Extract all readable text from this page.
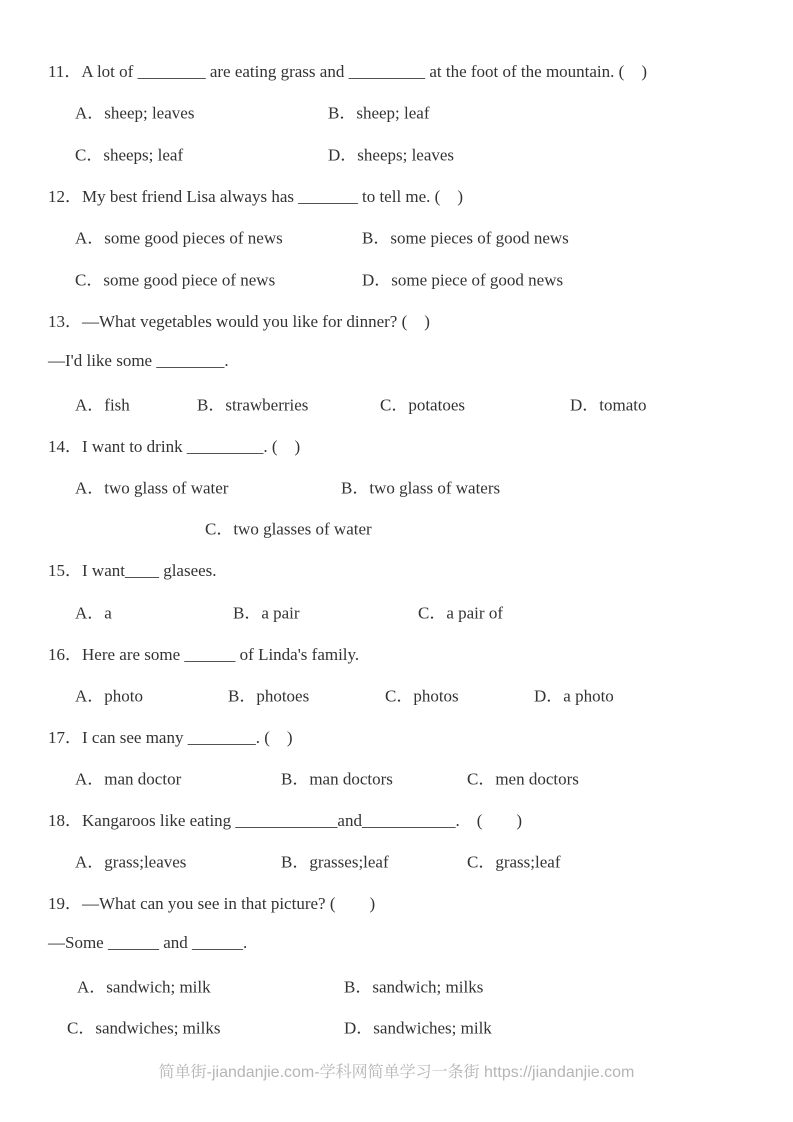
11．A lot of ________ are eating grass and _________ at the foot of the mountain. (　)
A．sheep; leaves	B．sheep; leaf
C．sheeps; leaf	D．sheeps; leaves
12．My best friend Lisa always has _______ to tell me. (　)
A．some good pieces of news	B．some pieces of good news
C．some good piece of news	D．some piece of good news
13．—What vegetables would you like for dinner? (　)
—I'd like some ________.
A．fish	B．strawberries	C．potatoes	D．tomato
14．I want to drink _________. (　)
A．two glass of water	B．two glass of waters
C．two glasses of water
15．I want____ glasees.
A．a	B．a pair	C．a pair of
16．Here are some ______ of Linda's family.
A．photo	B．photoes	C．photos	D．a photo
17．I can see many ________. (　)
A．man doctor	B．man doctors	C．men doctors
18．Kangaroos like eating ____________and___________.　(　　)
A．grass;leaves	B．grasses;leaf	C．grass;leaf
19．—What can you see in that picture? (　　)
—Some ______ and ______.
A．sandwich; milk	B．sandwich; milks
C．sandwiches; milks	D．sandwiches; milk
简单街-jiandanjie.com-学科网简单学习一条街 https://jiandanjie.com
